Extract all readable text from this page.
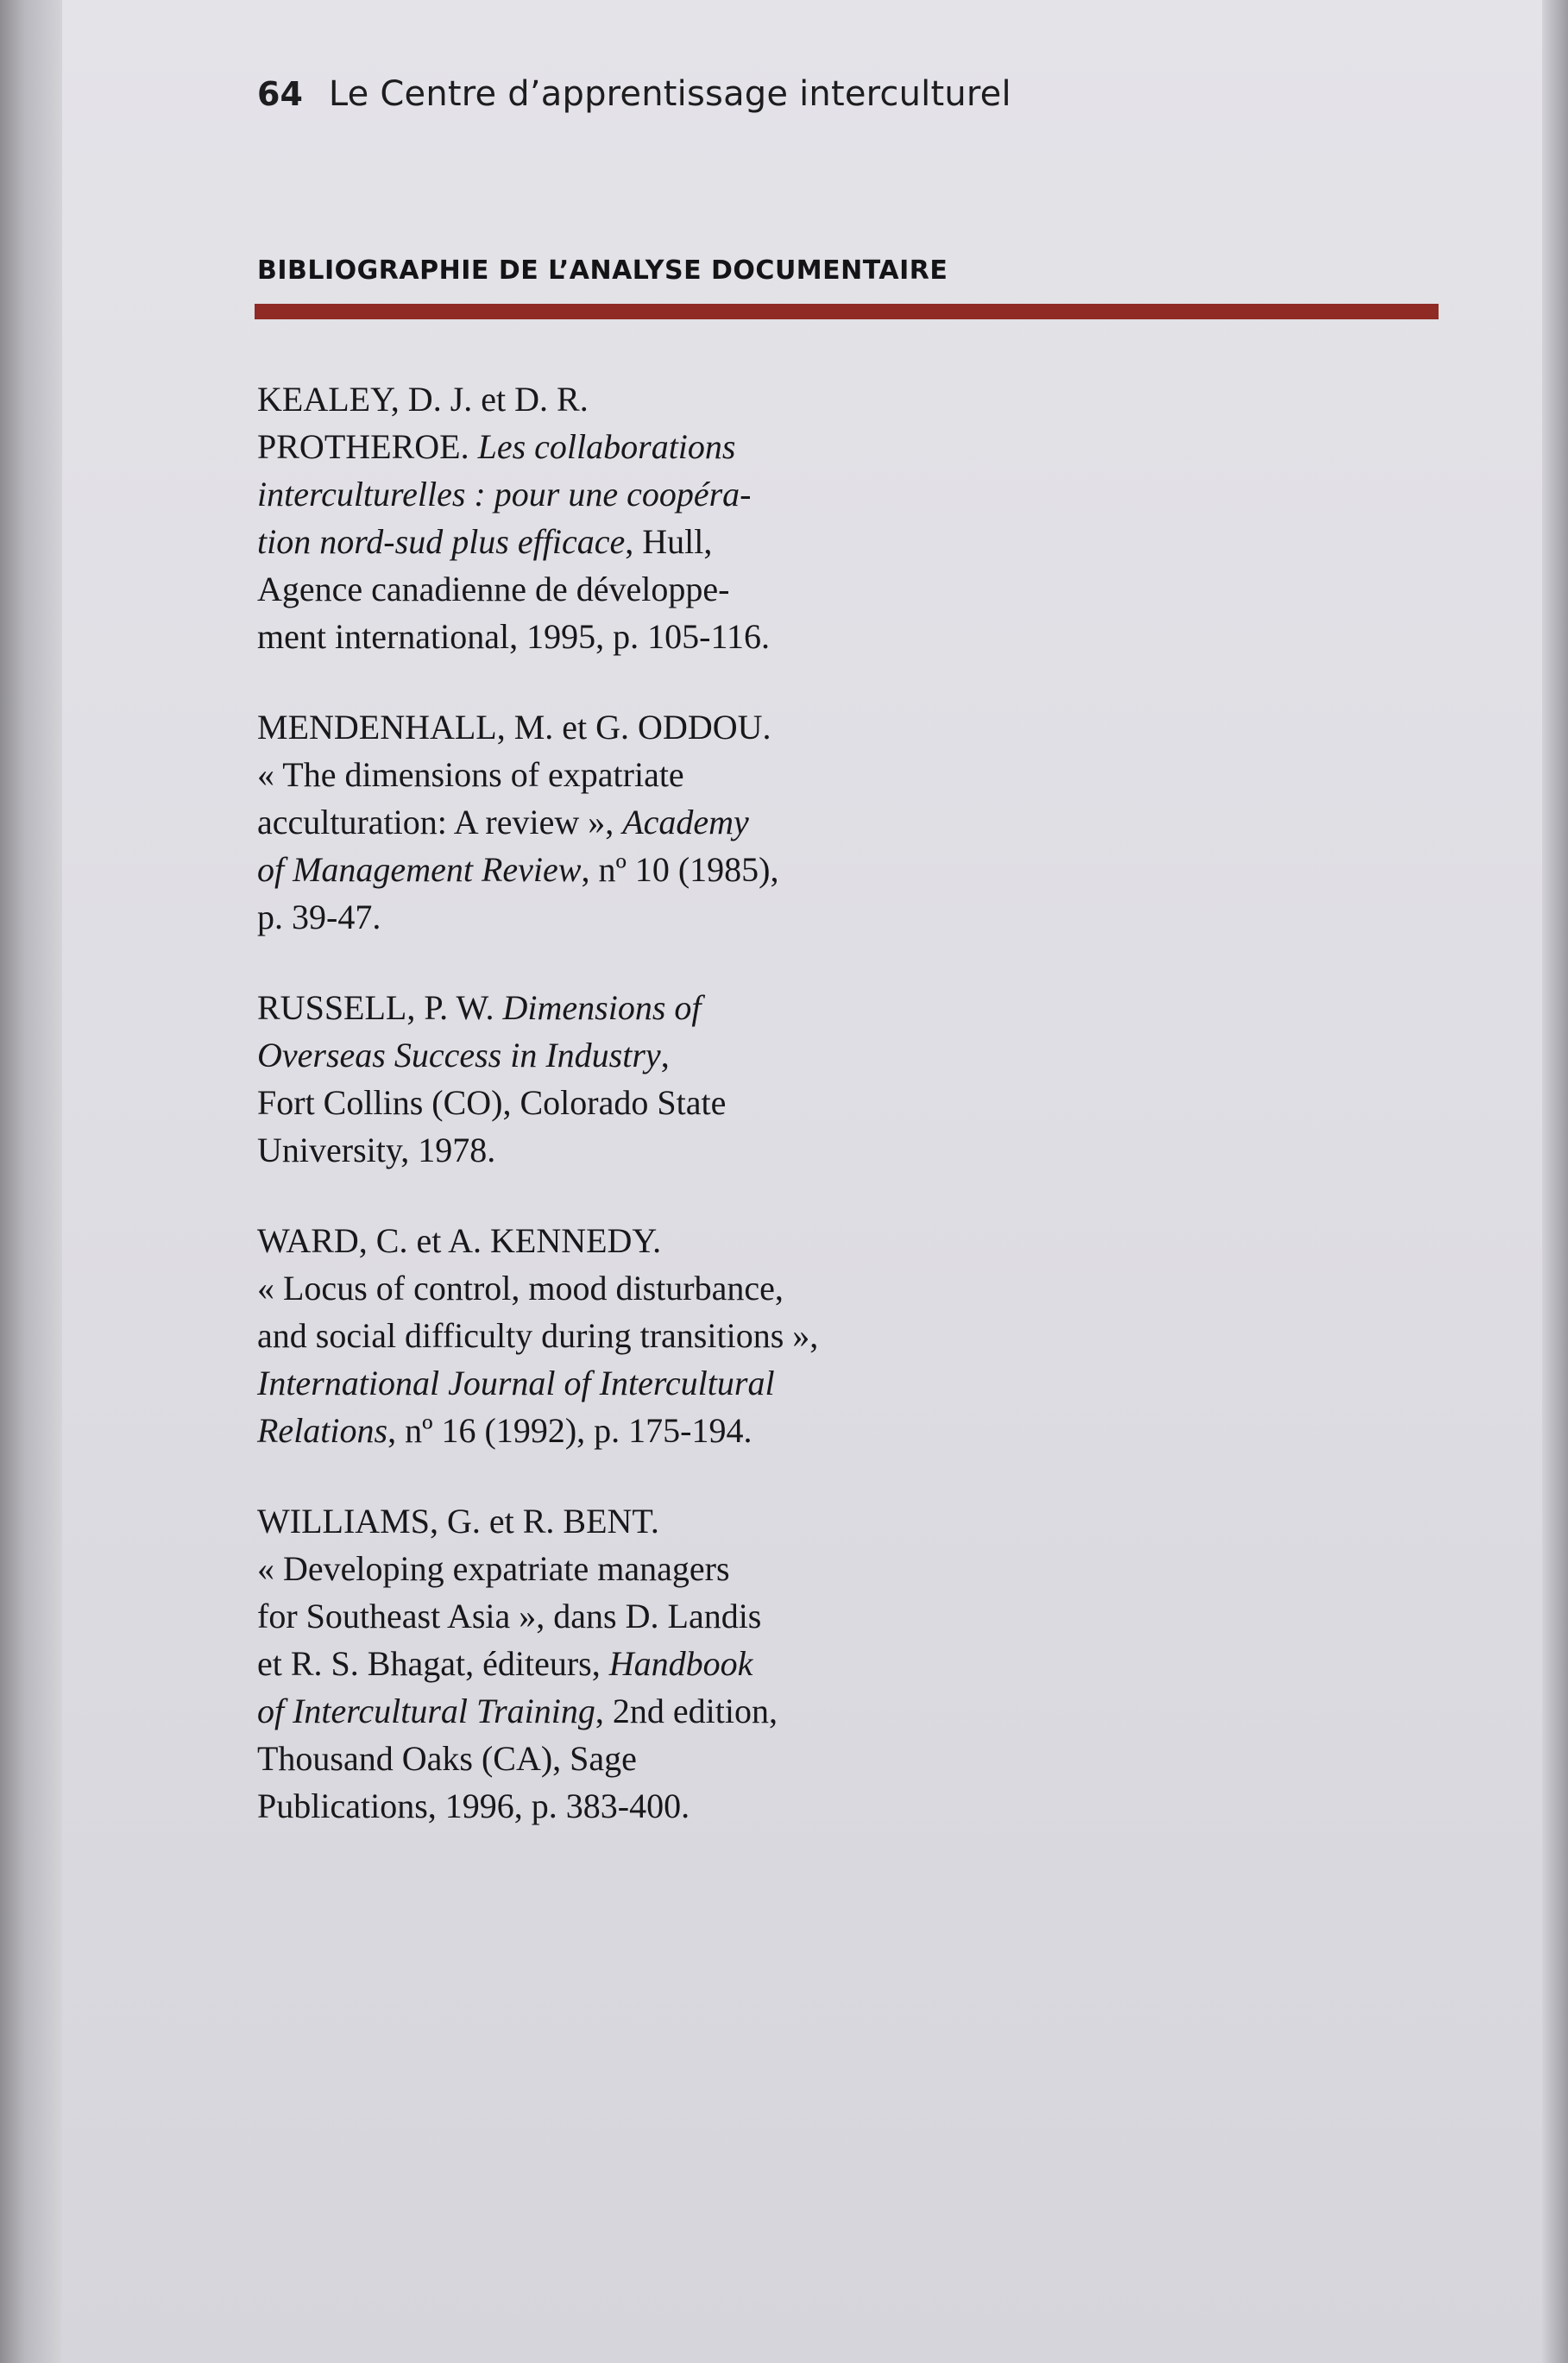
64 Le Centre d’apprentissage interculturel
BIBLIOGRAPHIE DE L’ANALYSE DOCUMENTAIRE
KEALEY, D. J. et D. R.
PROTHEROE. Les collaborations
interculturelles : pour une coopéra-
tion nord-sud plus efficace, Hull,
Agence canadienne de développe-
ment international, 1995, p. 105-116.
MENDENHALL, M. et G. ODDOU.
« The dimensions of expatriate
acculturation: A review », Academy
of Management Review, nº 10 (1985),
p. 39-47.
RUSSELL, P. W. Dimensions of
Overseas Success in Industry,
Fort Collins (CO), Colorado State
University, 1978.
WARD, C. et A. KENNEDY.
« Locus of control, mood disturbance,
and social difficulty during transitions »,
International Journal of Intercultural
Relations, nº 16 (1992), p. 175-194.
WILLIAMS, G. et R. BENT.
« Developing expatriate managers
for Southeast Asia », dans D. Landis
et R. S. Bhagat, éditeurs, Handbook
of Intercultural Training, 2nd edition,
Thousand Oaks (CA), Sage
Publications, 1996, p. 383-400.
